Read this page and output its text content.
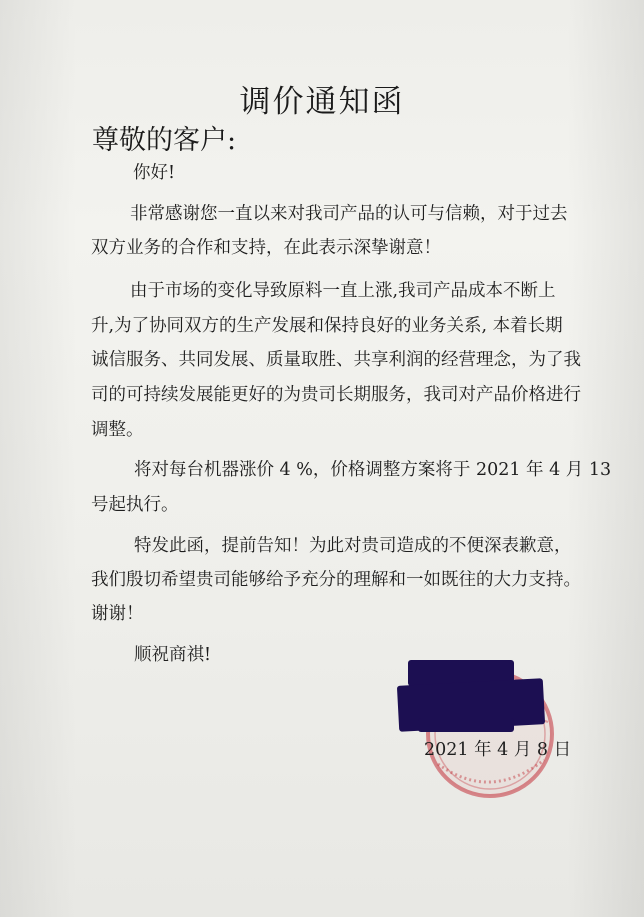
调价通知函
尊敬的客户:
你好!
非常感谢您一直以来对我司产品的认可与信赖，对于过去
双方业务的合作和支持，在此表示深挚谢意！
由于市场的变化导致原料一直上涨,我司产品成本不断上
升,为了协同双方的生产发展和保持良好的业务关系, 本着长期
诚信服务、共同发展、质量取胜、共享利润的经营理念，为了我
司的可持续发展能更好的为贵司长期服务，我司对产品价格进行
调整。
将对每台机器涨价 4 %，价格调整方案将于 2021 年 4 月 13
号起执行。
特发此函，提前告知！为此对贵司造成的不便深表歉意，
我们殷切希望贵司能够给予充分的理解和一如既往的大力支持。
谢谢！
顺祝商祺!
2021 年 4 月 8 日
